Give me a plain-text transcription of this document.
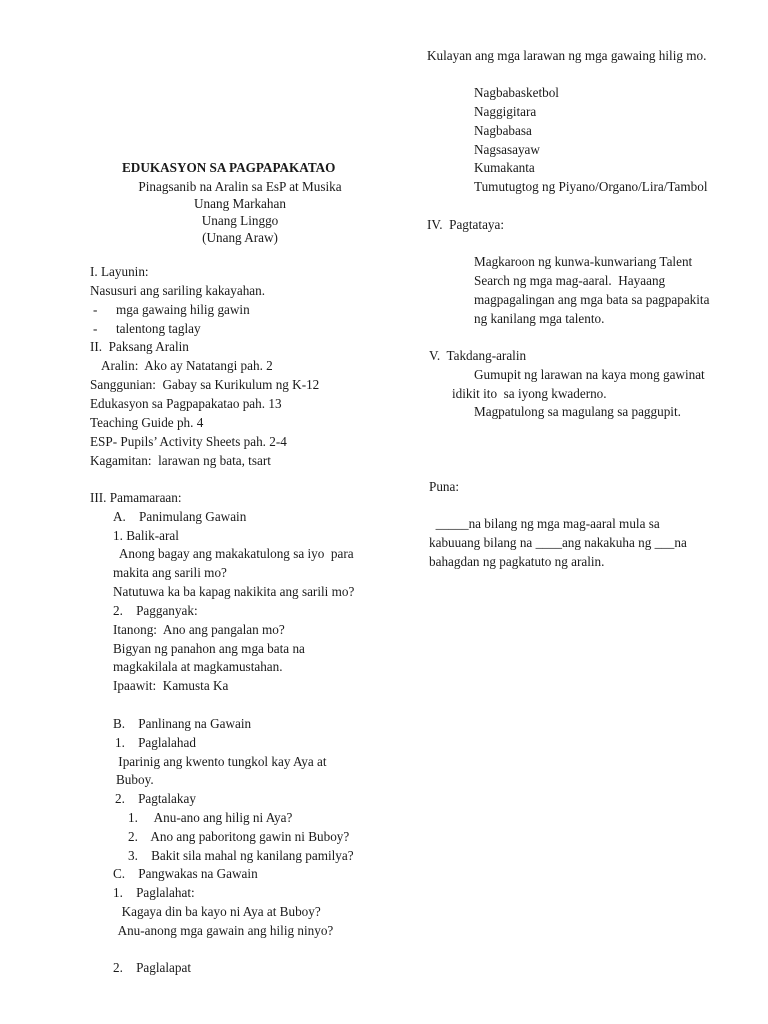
EDUKASYON SA PAGPAPAKATAO
Pinagsanib na Aralin sa EsP at Musika
Unang Markahan
Unang Linggo
(Unang Araw)
I. Layunin:
Nasusuri ang sariling kakayahan.
- mga gawaing hilig gawin
- talentong taglay
II.  Paksang Aralin
Aralin:  Ako ay Natatangi pah. 2
Sanggunian:  Gabay sa Kurikulum ng K-12
Edukasyon sa Pagpapakatao pah. 13
Teaching Guide ph. 4
ESP- Pupils’ Activity Sheets pah. 2-4
Kagamitan:  larawan ng bata, tsart
III. Pamamaraan:
A.    Panimulang Gawain
1. Balik-aral
Anong bagay ang makakatulong sa iyo  para
makita ang sarili mo?
Natutuwa ka ba kapag nakikita ang sarili mo?
2.    Pagganyak:
Itanong:  Ano ang pangalan mo?
Bigyan ng panahon ang mga bata na
magkakilala at magkamustahan.
Ipaawit:  Kamusta Ka
B.    Panlinang na Gawain
1.    Paglalahad
Iparinig ang kwento tungkol kay Aya at
Buboy.
2.    Pagtalakay
1.     Anu-ano ang hilig ni Aya?
2.    Ano ang paboritong gawin ni Buboy?
3.    Bakit sila mahal ng kanilang pamilya?
C.    Pangwakas na Gawain
1.    Paglalahat:
Kagaya din ba kayo ni Aya at Buboy?
Anu-anong mga gawain ang hilig ninyo?
2.    Paglalapat
Kulayan ang mga larawan ng mga gawaing hilig mo.
Nagbabasketbol
Naggigitara
Nagbabasa
Nagsasayaw
Kumakanta
Tumutugtog ng Piyano/Organo/Lira/Tambol
IV.  Pagtataya:
Magkaroon ng kunwa-kunwariang Talent
Search ng mga mag-aaral.  Hayaang
magpagalingan ang mga bata sa pagpapakita
ng kanilang mga talento.
V.  Takdang-aralin
Gumupit ng larawan na kaya mong gawinat
idikit ito  sa iyong kwaderno.
Magpatulong sa magulang sa paggupit.
Puna:
_____na bilang ng mga mag-aaral mula sa
kabuuang bilang na ____ang nakakuha ng ___na
bahagdan ng pagkatuto ng aralin.
